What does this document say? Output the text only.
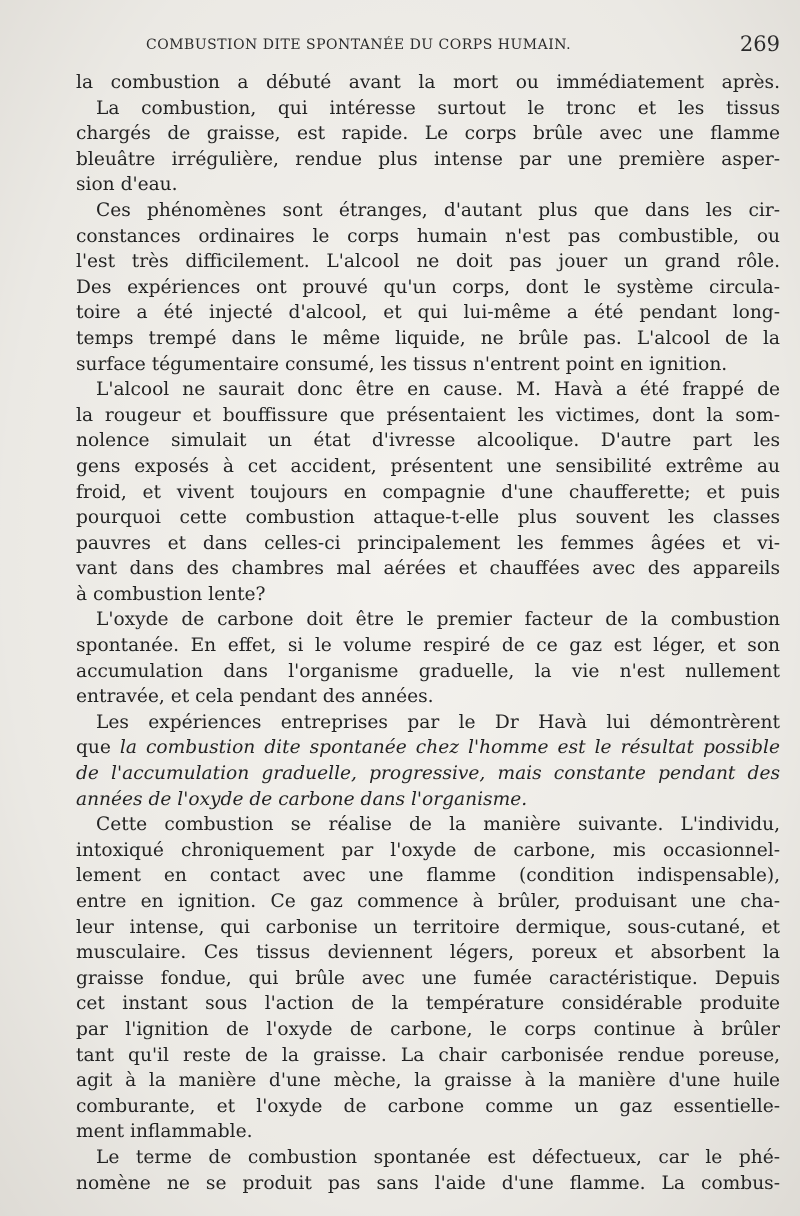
COMBUSTION DITE SPONTANÉE DU CORPS HUMAIN.	269
la combustion a débuté avant la mort ou immédiatement après.
La combustion, qui intéresse surtout le tronc et les tissus
chargés de graisse, est rapide. Le corps brûle avec une flamme
bleuâtre irrégulière, rendue plus intense par une première asper-
sion d'eau.
Ces phénomènes sont étranges, d'autant plus que dans les cir-
constances ordinaires le corps humain n'est pas combustible, ou
l'est très difficilement. L'alcool ne doit pas jouer un grand rôle.
Des expériences ont prouvé qu'un corps, dont le système circula-
toire a été injecté d'alcool, et qui lui-même a été pendant long-
temps trempé dans le même liquide, ne brûle pas. L'alcool de la
surface tégumentaire consumé, les tissus n'entrent point en ignition.
L'alcool ne saurait donc être en cause. M. Havà a été frappé de
la rougeur et bouffissure que présentaient les victimes, dont la som-
nolence simulait un état d'ivresse alcoolique. D'autre part les
gens exposés à cet accident, présentent une sensibilité extrême au
froid, et vivent toujours en compagnie d'une chaufferette; et puis
pourquoi cette combustion attaque-t-elle plus souvent les classes
pauvres et dans celles-ci principalement les femmes âgées et vi-
vant dans des chambres mal aérées et chauffées avec des appareils
à combustion lente?
L'oxyde de carbone doit être le premier facteur de la combustion
spontanée. En effet, si le volume respiré de ce gaz est léger, et son
accumulation dans l'organisme graduelle, la vie n'est nullement
entravée, et cela pendant des années.
Les expériences entreprises par le Dr Havà lui démontrèrent
que la combustion dite spontanée chez l'homme est le résultat possible
de l'accumulation graduelle, progressive, mais constante pendant des
années de l'oxyde de carbone dans l'organisme.
Cette combustion se réalise de la manière suivante. L'individu,
intoxiqué chroniquement par l'oxyde de carbone, mis occasionnel-
lement en contact avec une flamme (condition indispensable),
entre en ignition. Ce gaz commence à brûler, produisant une cha-
leur intense, qui carbonise un territoire dermique, sous-cutané, et
musculaire. Ces tissus deviennent légers, poreux et absorbent la
graisse fondue, qui brûle avec une fumée caractéristique. Depuis
cet instant sous l'action de la température considérable produite
par l'ignition de l'oxyde de carbone, le corps continue à brûler
tant qu'il reste de la graisse. La chair carbonisée rendue poreuse,
agit à la manière d'une mèche, la graisse à la manière d'une huile
comburante, et l'oxyde de carbone comme un gaz essentielle-
ment inflammable.
Le terme de combustion spontanée est défectueux, car le phé-
nomène ne se produit pas sans l'aide d'une flamme. La combus-
